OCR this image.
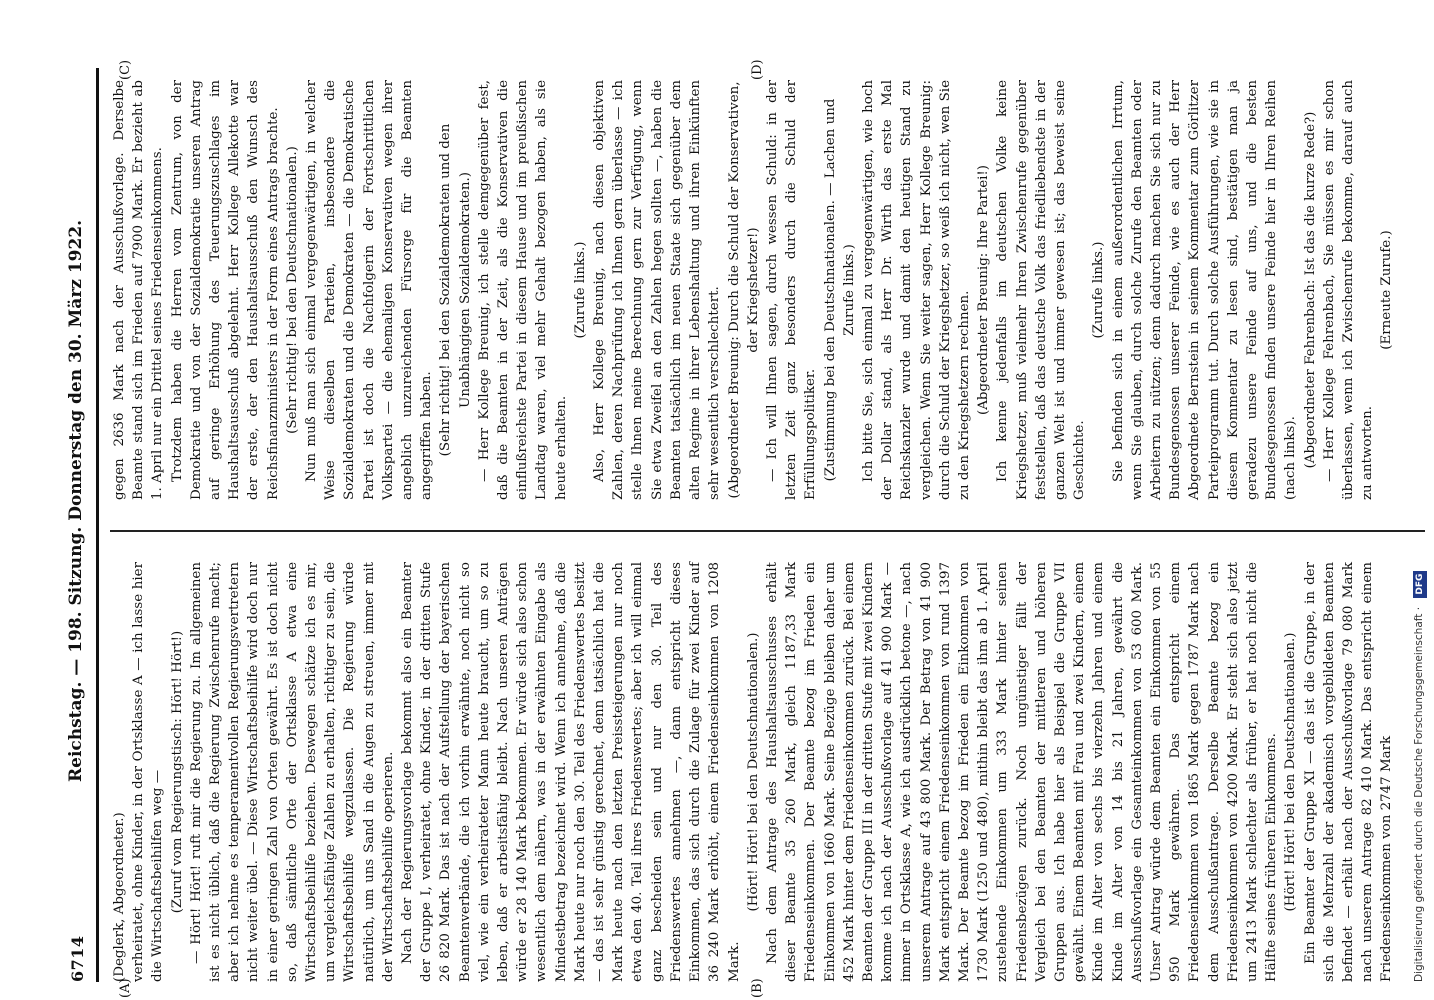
6714
Reichstag. — 198. Sitzung. Donnerstag den 30. März 1922.
(A)	(B)
(C)	(D)

(Deglerk, Abgeordneter.) verheiratet, ohne Kinder, in der Ortsklasse A — ich lasse hier die Wirtschaftsbeihilfen weg — (Zuruf vom Regierungstisch: Hört! Hört!) — Hört! Hört! ruft mir die Regierung zu. Im allgemeinen ist es nicht üblich, daß die Regierung Zwischenrufe macht; aber ich nehme es temperamentvollen Regierungsvertretern nicht weiter übel. — Diese Wirtschaftsbeihilfe wird doch nur in einer geringen Zahl von Orten gewährt. Es ist doch nicht so, daß sämtliche Orte der Ortsklasse A etwa eine Wirtschaftsbeihilfe beziehen. Deswegen schätze ich es mir, um vergleichsfähige Zahlen zu erhalten, richtiger zu sein, die Wirtschaftsbeihilfe wegzulassen. Die Regierung würde natürlich, um uns Sand in die Augen zu streuen, immer mit der Wirtschaftsbeihilfe operieren. Nach der Regierungsvorlage bekommt also ein Beamter der Gruppe I, verheiratet, ohne Kinder, in der dritten Stufe 26 820 Mark. Das ist nach der Aufstellung der bayerischen Beamtenverbände, die ich vorhin erwähnte, noch nicht so viel, wie ein verheirateter Mann heute braucht, um so zu leben, daß er arbeitsfähig bleibt. Nach unseren Anträgen würde er 28 140 Mark bekommen. Er würde sich also schon wesentlich dem nähern, was in der erwähnten Eingabe als Mindestbetrag bezeichnet wird. Wenn ich annehme, daß die Mark heute nur noch den 30. Teil des Friedenswertes besitzt — das ist sehr günstig gerechnet, denn tatsächlich hat die Mark heute nach den letzten Preissteigerungen nur noch etwa den 40. Teil ihres Friedenswertes; aber ich will einmal ganz bescheiden sein und nur den 30. Teil des Friedenswertes annehmen —, dann entspricht dieses Einkommen, das sich durch die Zulage für zwei Kinder auf 36 240 Mark erhöht, einem Friedenseinkommen von 1208 Mark.

(Hört! Hört! bei den Deutschnationalen.) Nach dem Antrage des Haushaltsausschusses erhält dieser Beamte 35 260 Mark, gleich 1187,33 Mark Friedenseinkommen. Der Beamte bezog im Frieden ein Einkommen von 1660 Mark. Seine Bezüge bleiben daher um 452 Mark hinter dem Friedenseinkommen zurück. Bei einem Beamten der Gruppe III in der dritten Stufe mit zwei Kindern komme ich nach der Ausschußvorlage auf 41 900 Mark — immer in Ortsklasse A, wie ich ausdrücklich betone —, nach unserem Antrage auf 43 800 Mark. Der Betrag von 41 900 Mark entspricht einem Friedenseinkommen von rund 1397 Mark. Der Beamte bezog im Frieden ein Einkommen von 1730 Mark (1250 und 480), mithin bleibt das ihm ab 1. April zustehende Einkommen um 333 Mark hinter seinen Friedensbezügen zurück. Noch ungünstiger fällt der Vergleich bei den Beamten der mittleren und höheren Gruppen aus. Ich habe hier als Beispiel die Gruppe VII gewählt. Einem Beamten mit Frau und zwei Kindern, einem Kinde im Alter von sechs bis vierzehn Jahren und einem Kinde im Alter von 14 bis 21 Jahren, gewährt die Ausschußvorlage ein Gesamteinkommen von 53 600 Mark. Unser Antrag würde dem Beamten ein Einkommen von 55 950 Mark gewähren. Das entspricht einem Friedenseinkommen von 1865 Mark gegen 1787 Mark nach dem Ausschußantrage. Derselbe Beamte bezog ein Friedenseinkommen von 4200 Mark. Er steht sich also jetzt um 2413 Mark schlechter als früher, er hat noch nicht die Hälfte seines früheren Einkommens. (Hört! Hört! bei den Deutschnationalen.) Ein Beamter der Gruppe XI — das ist die Gruppe, in der sich die Mehrzahl der akademisch vorgebildeten Beamten befindet — erhält nach der Ausschußvorlage 79 080 Mark nach unserem Antrage 82 410 Mark. Das entspricht einem Friedenseinkommen von 2747 Mark

gegen 2636 Mark nach der Ausschußvorlage. Derselbe Beamte stand sich im Frieden auf 7900 Mark. Er bezieht ab 1. April nur ein Drittel seines Friedenseinkommens. Trotzdem haben die Herren vom Zentrum, von der Demokratie und von der Sozialdemokratie unseren Antrag auf geringe Erhöhung des Teuerungszuschlages im Haushaltsausschuß abgelehnt. Herr Kollege Allekotte war der erste, der den Haushaltsausschuß den Wunsch des Reichsfinanzministers in der Form eines Antrags brachte. (Sehr richtig! bei den Deutschnationalen.) Nun muß man sich einmal vergegenwärtigen, in welcher Weise dieselben Parteien, insbesondere die Sozialdemokraten und die Demokraten — die Demokratische Partei ist doch die Nachfolgerin der Fortschrittlichen Volkspartei — die ehemaligen Konservativen wegen ihrer angeblich unzureichenden Fürsorge für die Beamten angegriffen haben. (Sehr richtig! bei den Sozialdemokraten und den Unabhängigen Sozialdemokraten.) — Herr Kollege Breunig, ich stelle demgegenüber fest, daß die Beamten in der Zeit, als die Konservativen die einflußreichste Partei in diesem Hause und im preußischen Landtag waren, viel mehr Gehalt bezogen haben, als sie heute erhalten.

(Zurufe links.) Also, Herr Kollege Breunig, nach diesen objektiven Zahlen, deren Nachprüfung ich Ihnen gern überlasse — ich stelle Ihnen meine Berechnung gern zur Verfügung, wenn Sie etwa Zweifel an den Zahlen hegen sollten —, haben die Beamten tatsächlich im neuen Staate sich gegenüber dem alten Regime in ihrer Lebenshaltung und ihren Einkünften sehr wesentlich verschlechtert. (Abgeordneter Breunig: Durch die Schuld der Konservativen, der Kriegshetzer!) — Ich will Ihnen sagen, durch wessen Schuld: in der letzten Zeit ganz besonders durch die Schuld der Erfüllungspolitiker. (Zustimmung bei den Deutschnationalen. — Lachen und Zurufe links.) Ich bitte Sie, sich einmal zu vergegenwärtigen, wie hoch der Dollar stand, als Herr Dr. Wirth das erste Mal Reichskanzler wurde und damit den heutigen Stand zu vergleichen. Wenn Sie weiter sagen, Herr Kollege Breunig: durch die Schuld der Kriegshetzer, so weiß ich nicht, wen Sie zu den Kriegshetzern rechnen. (Abgeordneter Breunig: Ihre Partei!) Ich kenne jedenfalls im deutschen Volke keine Kriegshetzer, muß vielmehr Ihren Zwischenrufe gegenüber feststellen, daß das deutsche Volk das friedliebendste in der ganzen Welt ist und immer gewesen ist; das beweist seine Geschichte.

(Zurufe links.) Sie befinden sich in einem außerordentlichen Irrtum, wenn Sie glauben, durch solche Zurufe den Beamten oder Arbeitern zu nützen; denn dadurch machen Sie sich nur zu Bundesgenossen unserer Feinde, wie es auch der Herr Abgeordnete Bernstein in seinem Kommentar zum Görlitzer Parteiprogramm tut. Durch solche Ausführungen, wie sie in diesem Kommentar zu lesen sind, bestätigen man ja geradezu unsere Feinde auf uns, und die besten Bundesgenossen finden unsere Feinde hier in Ihren Reihen (nach links). (Abgeordneter Fehrenbach: Ist das die kurze Rede?) — Herr Kollege Fehrenbach, Sie müssen es mir schon überlassen, wenn ich Zwischenrufe bekomme, darauf auch zu antworten.

(Erneute Zurufe.)

Digitalisierung gefördert durch die Deutsche Forschungsgemeinschaft · DFG
